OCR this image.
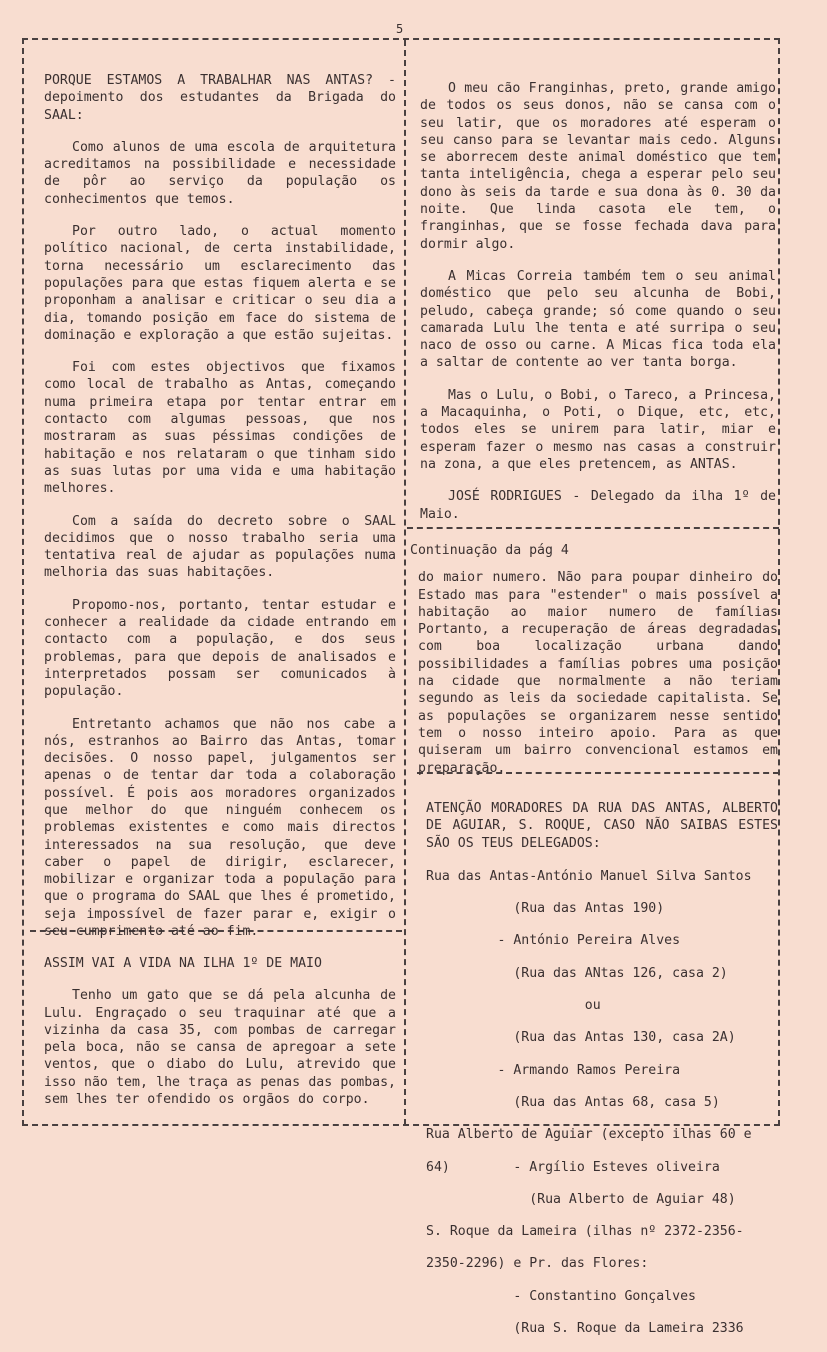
5

PORQUE ESTAMOS A TRABALHAR NAS ANTAS? -depoimento dos estudantes da Brigada do SAAL:

Como alunos de uma escola de arquitetura acreditamos na possibilidade e necessidade de pôr ao serviço da população os conhecimentos que temos.

Por outro lado, o actual momento político nacional, de certa instabilidade, torna necessário um esclarecimento das populações para que estas fiquem alerta e se proponham a analisar e criticar o seu dia a dia, tomando posição em face do sistema de dominação e exploração a que estão sujeitas.

Foi com estes objectivos que fixamos como local de trabalho as Antas, começando numa primeira etapa por tentar entrar em contacto com algumas pessoas, que nos mostraram as suas péssimas condições de habitação e nos relataram o que tinham sido as suas lutas por uma vida e uma habitação melhores.

Com a saída do decreto sobre o SAAL decidimos que o nosso trabalho seria uma tentativa real de ajudar as populações numa melhoria das suas habitações.

Propomo-nos, portanto, tentar estudar e conhecer a realidade da cidade entrando em contacto com a população, e dos seus problemas, para que depois de analisados e interpretados possam ser comunicados à população.

Entretanto achamos que não nos cabe a nós, estranhos ao Bairro das Antas, tomar decisões. O nosso papel, julgamentos ser apenas o de tentar dar toda a colaboração possível. É pois aos moradores organizados que melhor do que ninguém conhecem os problemas existentes e como mais directos interessados na sua resolução, que deve caber o papel de dirigir, esclarecer, mobilizar e organizar toda a população para que o programa do SAAL que lhes é prometido, seja impossível de fazer parar e, exigir o seu cumprimento até ao fim.

ASSIM VAI A VIDA NA ILHA 1º DE MAIO

Tenho um gato que se dá pela alcunha de Lulu. Engraçado o seu traquinar até que a vizinha da casa 35, com pombas de carregar pela boca, não se cansa de apregoar a sete ventos, que o diabo do Lulu, atrevido que isso não tem, lhe traça as penas das pombas, sem lhes ter ofendido os orgãos do corpo.

O meu cão Franginhas, preto, grande amigo de todos os seus donos, não se cansa com o seu latir, que os moradores até esperam o seu canso para se levantar mais cedo. Alguns se aborrecem deste animal doméstico que tem tanta inteligência, chega a esperar pelo seu dono às seis da tarde e sua dona às 0. 30 da noite. Que linda casota ele tem, o franginhas, que se fosse fechada dava para dormir algo.

A Micas Correia também tem o seu animal doméstico que pelo seu alcunha de Bobi, peludo, cabeça grande; só come quando o seu camarada Lulu lhe tenta e até surripa o seu naco de osso ou carne. A Micas fica toda ela a saltar de contente ao ver tanta borga.

Mas o Lulu, o Bobi, o Tareco, a Princesa, a Macaquinha, o Poti, o Dique, etc, etc, todos eles se unirem para latir, miar e esperam fazer o mesmo nas casas a construir na zona, a que eles pretencem, as ANTAS.

JOSÉ RODRIGUES - Delegado da ilha 1º de Maio.

Continuação da pág 4

do maior numero. Não para poupar dinheiro do Estado mas para "estender" o mais possível a habitação ao maior numero de famílias Portanto, a recuperação de áreas degradadas com boa localização urbana dando possibilidades a famílias pobres uma posição na cidade que normalmente a não teriam segundo as leis da sociedade capitalista. Se as populações se organizarem nesse sentido tem o nosso inteiro apoio. Para as que quiseram um bairro convencional estamos em preparação.

ATENÇÃO MORADORES DA RUA DAS ANTAS, ALBERTO DE AGUIAR, S. ROQUE, CASO NÃO SAIBAS ESTES SÃO OS TEUS DELEGADOS:

Rua das Antas-António Manuel Silva Santos

(Rua das Antas 190)

- António Pereira Alves

(Rua das ANtas 126, casa 2)

ou

(Rua das Antas 130, casa 2A)

- Armando Ramos Pereira

(Rua das Antas 68, casa 5)

Rua Alberto de Aguiar (excepto ilhas 60 e

64)        - Argílio Esteves oliveira

(Rua Alberto de Aguiar 48)

S. Roque da Lameira (ilhas nº 2372-2356-

2350-2296) e Pr. das Flores:

- Constantino Gonçalves

(Rua S. Roque da Lameira 2336
